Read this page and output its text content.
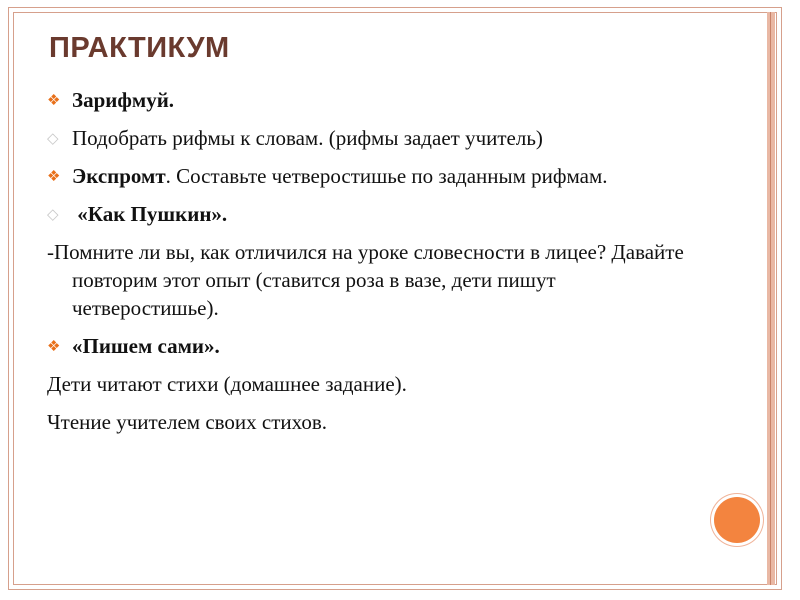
ПРАКТИКУМ
❖ Зарифмуй.
◇ Подобрать рифмы к словам. (рифмы задает учитель)
❖ Экспромт. Составьте четверостишье по заданным рифмам.
◇ «Как Пушкин».
-Помните ли вы, как отличился на уроке словесности в лицее? Давайте повторим этот опыт (ставится роза в вазе, дети пишут четверостишье).
❖ «Пишем сами».
Дети читают стихи (домашнее задание).
Чтение учителем своих стихов.
